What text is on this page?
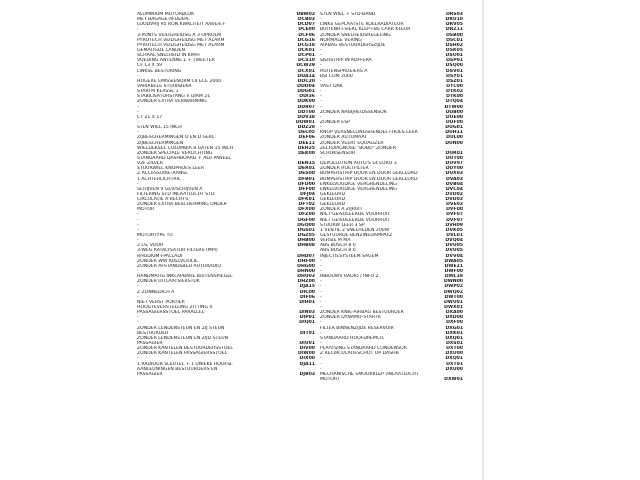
ALUMINIUM MOTORBLOK
MET BAGAGE-AFDEKPL
LOODVRIJ 95 RON KWALITEIT A/B/E/E+
-
3-PUNTS VEILIGHEIDSG A 3 OPROLM
PYROTECH VEILIGHEIDSG MET ALARM
PYROTECH VEILIGHEIDSG MET ALARM
GEMATIGDE LANDEN
SCHAAL SNELHEID IN KM/H
VOEDING ANTENNE L + TWEETER
CF 13 X 59
LINKSE BESTURING
-
HOGERE EMISSIENORM L4 ECE 2000
VARIABELE STUURBEKR
STARTM KLASSE 1
STABILISATORSTANG V DIAM 21
ZONDER EXTRA VERWARMING
-
-
CT 21 X 17
-
STLN WIEL 15 INCH
-
ZIJBESCHERMINGEN O EN D GEKL
ZIJBESCHERMINGEN
WIELDEKSEL COLUMBIA 8 GATEN 15 INCH
ZONDER SPECIALE VERLICHTING
STANDAARD DASHBOARD + ALU PANEEL
V2F ZILVER
STUURWIEL KNOPHOES LEER
Z ACCESSOIRE-AANSL
1 ACHTERLICHTRIL
-
SCHIJVEN V GEV/SCHIJVEN A
FILTERING STD INLAATLUCHT STD
CIRCULATIE A RECHTS
ZONDER EXTRA BESCHERMING ONDER
MOTOR
-
-
-
-
MOTORTYPE TU
-
2 LS, VOOR
3-WEG KATALYSATOR FILTERS (MPI)
RHODIUM+PALLADI
ZONDER WW KOELVL/OLIE
ZONDER AFSTANDSBED AUTORADIO
-
HANDMATIG INKLAPBARE BUITENSPIEGEL
ZONDER UITLAATSIERSTUK
-
Z ZONNEDICH A
-
NIET VERST PORTIER
HOOGTEVERSTELLING ZITTING V.
PASSAGIERSSTOEL PARALLEL
-
-
ZONDER LENDENSTEUN EN ZIJ STEUN
BESTUURDER
ZONDER LENDENSTEUN EN ZIJD STEUN
PASSAGIER
ZONDER KANTELEN BESTUURDERSSTOEL
ZONDER KANTELEN PASSAGIERSSTOEL
-
1 RADIOGR SLEUTEL + 1 UNIEKE HOOFSL
AANLEUNINGEN BESTUURDERS EN
PASSAGIER
DBW02
DCB03
DCD07
DCE00
DCF06
DCG16
DCG18
DCK01
DCP01
DCS10
DCW29
DCX01
DDA14
DDC20
DDD04
DDG01
DDI36
DDK00
DDR07
DDT00
DDV38
DDW01
DDZ28
DEC05
DEF06
DEE11
DEH25
DEK00
DEN15
DER01
DES00
DFB01
DFD00
DFF00
DFJ04
DFK01
DFT02
DFX00
DFZ00
DGF00
DGQ00
DGS01
DGZ05
DHB00
DHB08
DHD07
DHF00
DHG00
DHN00
DHU03
DHZ00
DJA15
DIC00
DIF06
DIH01
DIN03
DIP01
DIQ01
DIT01
DIU01
DIV00
DIW00
DIX00
DJA11
DJB03
STLN WIEL + STD-BAND
-
LINKS GEPLAATSTE KOELRADIATEUR
BUITENH+SIERL KLEP+BS CARR KLEUR
ZONDER SNELHEIDSREGELING
NORMALE VERING
AIRBAG BESTUURDERSZIJDE
-
-
SIERSTRIP IN KOFFERA
-
RUITENSPROEIERS A
BSI COM 2000
-
VAST DAK
-
-
-
-
ZONDER NABIJHEIDSSENSOR
-
ZONDER ESP
-
KNOP VERSNELLINGSHENDEL+HOES LEER
ZONDER AUTOMAAT
ZONDER VEERT EQUALIZER
ZELFDIAGNOSE "BOBO" ZONDER
SCHOKSENSOR
-
DEPOLLUTION AUTO'S L4 EURO 3
ZONDER ROETFILTER
BUMPERSTRIP DOOR EN DOOR GEKLEURD
BUMPERSTRIP DOOR EN DOOR GEKLEURD
ENKELVOUDIGE VERGRENDELING
ENKELVOUDIGE VERGRENDELING
GEKLEURD
GEKLEURD
GEKLEURD
ZONDER A ZIJRUIT
NIET GEISOLEERDE VOORRUIT
NIET GEISOLEERDE VOORRUIT
STUURW LEER 3 SP
1 VENTIL 2 SNELHEDEN 200W
GESTUURDE BENZINEDAMPAFZ
VERSIE M MA
ABS BOSCH 8 0
ABS BOSCH 8 0
INJECTIESYSTEEM SAGEM
-
-
-
INBOUWV RADIO / INFO 2
-
-
-
-
-
-
ZONDER KNIE-AIRBAG BESTUURDER
ZONDER DYNAMO-STARTR
-
FILTER BINNENZIJDE RESERVOIR
-
STANDAARD HOOFDREMCIL
-
PLAATSING STANDAARD CONDENSOR
Z RECIRCULATIESCHOT OP DASHB
-
-
-
MECHANISCHE SMOORKLEP (INLAATLUCHT
MOTOR)
DRS03
DRU10
DRV05
DRZ11
DSB00
DSC01
DSH02
DSK05
DSO01
DSP01
DSQ00
DSV01
DSY01
DSZ01
DTC00
DTK02
DTK00
DTQ04
DTW00
DUB00
DUE00
DUF00
DUG01
DUH11
DUL00
DUN00
DUR01
DUT00
DUV07
DUY00
DUX03
DVA03
DVB04
DVC04
DVD02
DVD02
DVE02
DVF00
DVF07
DVF07
DVH09
DVK05
DVL01
DVQ04
DVU05
DVU05
DVV04
DWA05
DWE21
DWF00
DWL18
DWN00
DWP02
DWQ02
DWT00
DWU01
DWX01
DXA00
DXD00
DXF00
DXG01
DXK01
DXQ01
DXS01
DXT00
DXU00
DXQ01
DXT01
DXU00
DXW01
